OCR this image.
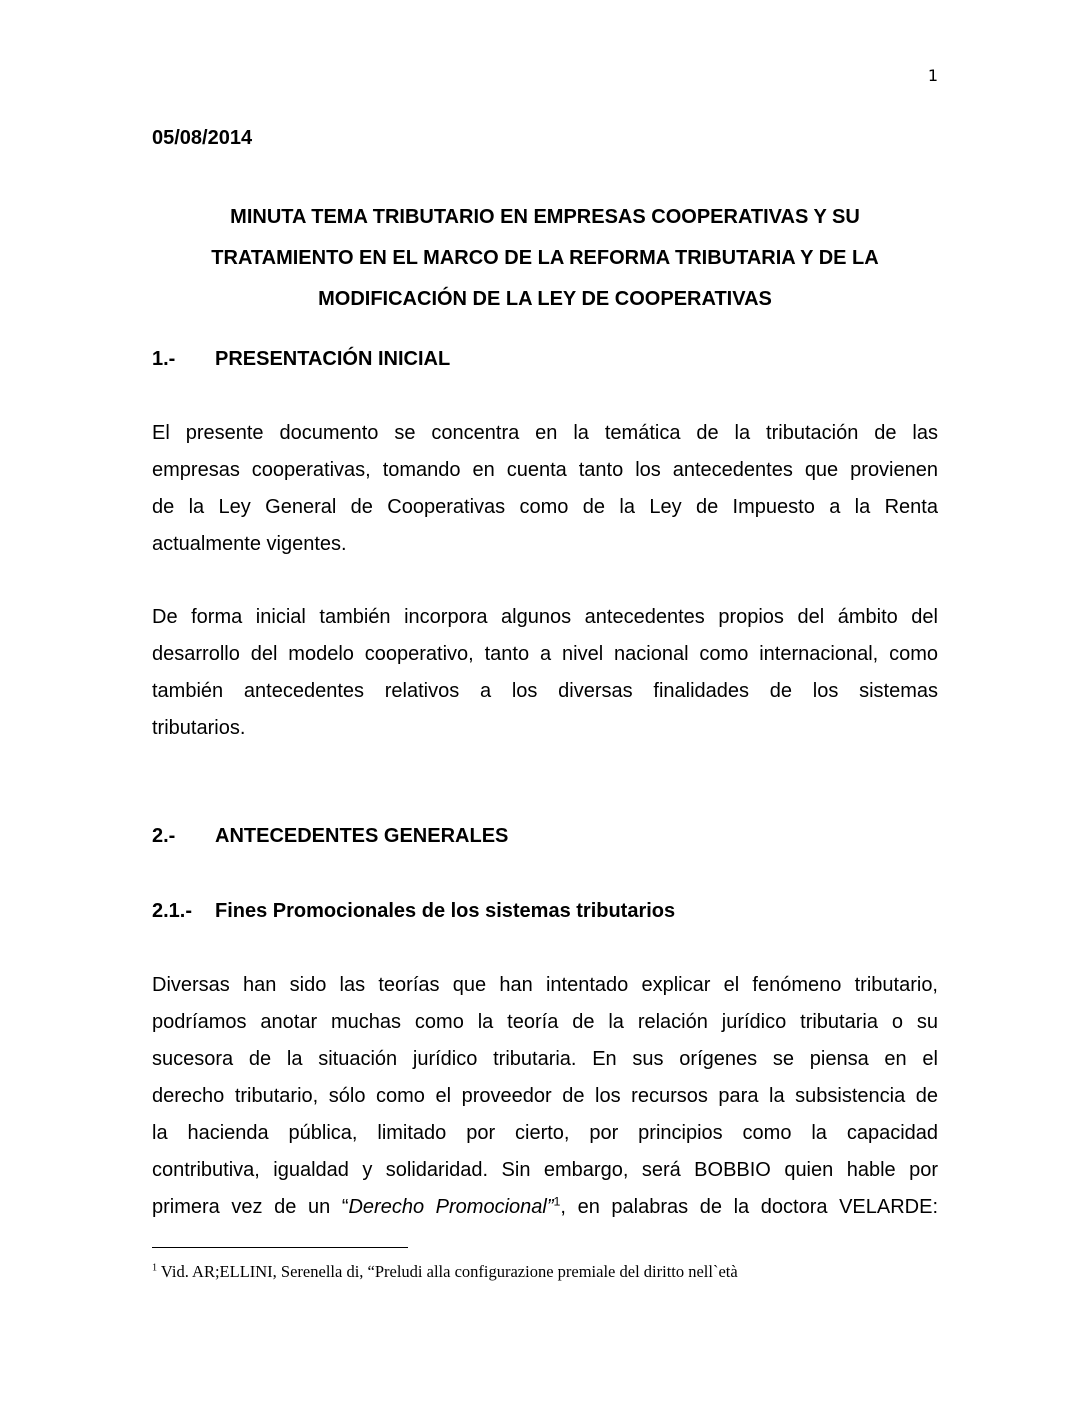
1
05/08/2014
MINUTA TEMA TRIBUTARIO EN EMPRESAS COOPERATIVAS Y SU
TRATAMIENTO EN EL MARCO DE LA REFORMA TRIBUTARIA Y DE LA
MODIFICACIÓN DE LA LEY DE COOPERATIVAS
1.-	PRESENTACIÓN INICIAL

El presente documento se concentra en la temática de la tributación de las
empresas cooperativas, tomando en cuenta tanto los antecedentes que provienen
de la Ley General de Cooperativas como de la Ley de Impuesto a la Renta
actualmente vigentes.

De forma inicial también incorpora algunos antecedentes propios del ámbito del
desarrollo del modelo cooperativo, tanto a nivel nacional como internacional, como
también antecedentes relativos a los diversas finalidades de los sistemas
tributarios.

2.-	ANTECEDENTES GENERALES
2.1.-	Fines Promocionales de los sistemas tributarios

Diversas han sido las teorías que han intentado explicar el fenómeno tributario,
podríamos anotar muchas como la teoría de la relación jurídico tributaria o su
sucesora de la situación jurídico tributaria. En sus orígenes se piensa en el
derecho tributario, sólo como el proveedor de los recursos para la subsistencia de
la hacienda pública, limitado por cierto, por principios como la capacidad
contributiva, igualdad y solidaridad. Sin embargo, será BOBBIO quien hable por
primera vez de un “Derecho Promocional”$^1$, en palabras de la doctora VELARDE:

$^1$ Vid. AR;ELLINI, Serenella di, “Preludi alla configurazione premiale del diritto nell`età
